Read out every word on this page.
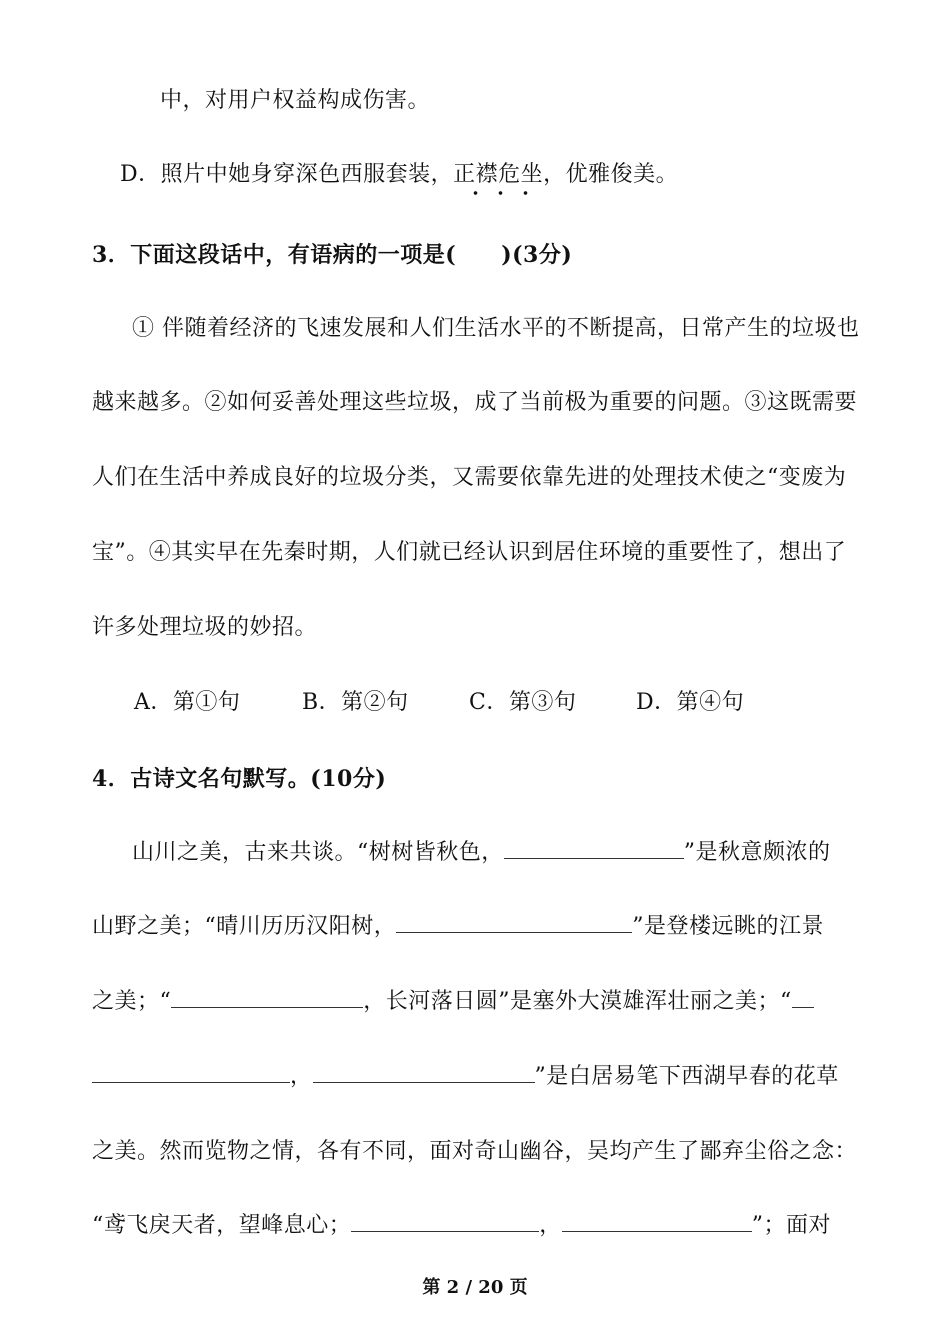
中，对用户权益构成伤害。
D．照片中她身穿深色西服套装，正襟危坐，优雅俊美。
3．下面这段话中，有语病的一项是(　　)(3分)
① 伴随着经济的飞速发展和人们生活水平的不断提高，日常产生的垃圾也
越来越多。②如何妥善处理这些垃圾，成了当前极为重要的问题。③这既需要
人们在生活中养成良好的垃圾分类，又需要依靠先进的处理技术使之“变废为
宝”。④其实早在先秦时期，人们就已经认识到居住环境的重要性了，想出了
许多处理垃圾的妙招。
A．第①句	B．第②句	C．第③句	D．第④句
4．古诗文名句默写。(10分)
山川之美，古来共谈。“树树皆秋色，	”是秋意颇浓的
山野之美；“晴川历历汉阳树，	”是登楼远眺的江景
之美；“	，长河落日圆”是塞外大漠雄浑壮丽之美；“
，	”是白居易笔下西湖早春的花草
之美。然而览物之情，各有不同，面对奇山幽谷，吴均产生了鄙弃尘俗之念：
“鸢飞戾天者，望峰息心；	，	”；面对
第 2 / 20 页
